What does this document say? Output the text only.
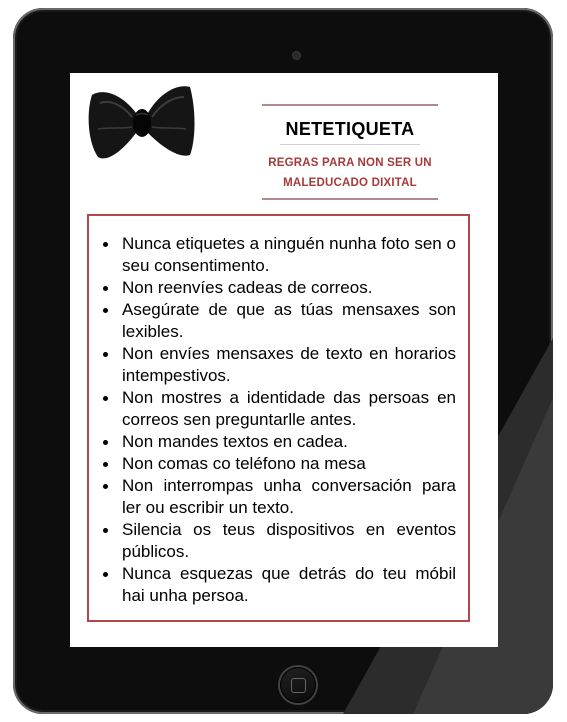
NETETIQUETA
REGRAS PARA NON SER UN
MALEDUCADO DIXITAL
Nunca etiquetes a ninguén nunha foto sen o seu consentimento.
Non reenvíes cadeas de correos.
Asegúrate de que as túas mensaxes son lexibles.
Non envíes mensaxes de texto en horarios intempestivos.
Non mostres a identidade das persoas en correos sen preguntarlle antes.
Non mandes textos en cadea.
Non comas co teléfono na mesa
Non interrompas unha conversación para ler ou escribir un texto.
Silencia os teus dispositivos en eventos públicos.
Nunca esquezas que detrás do teu móbil hai unha persoa.
